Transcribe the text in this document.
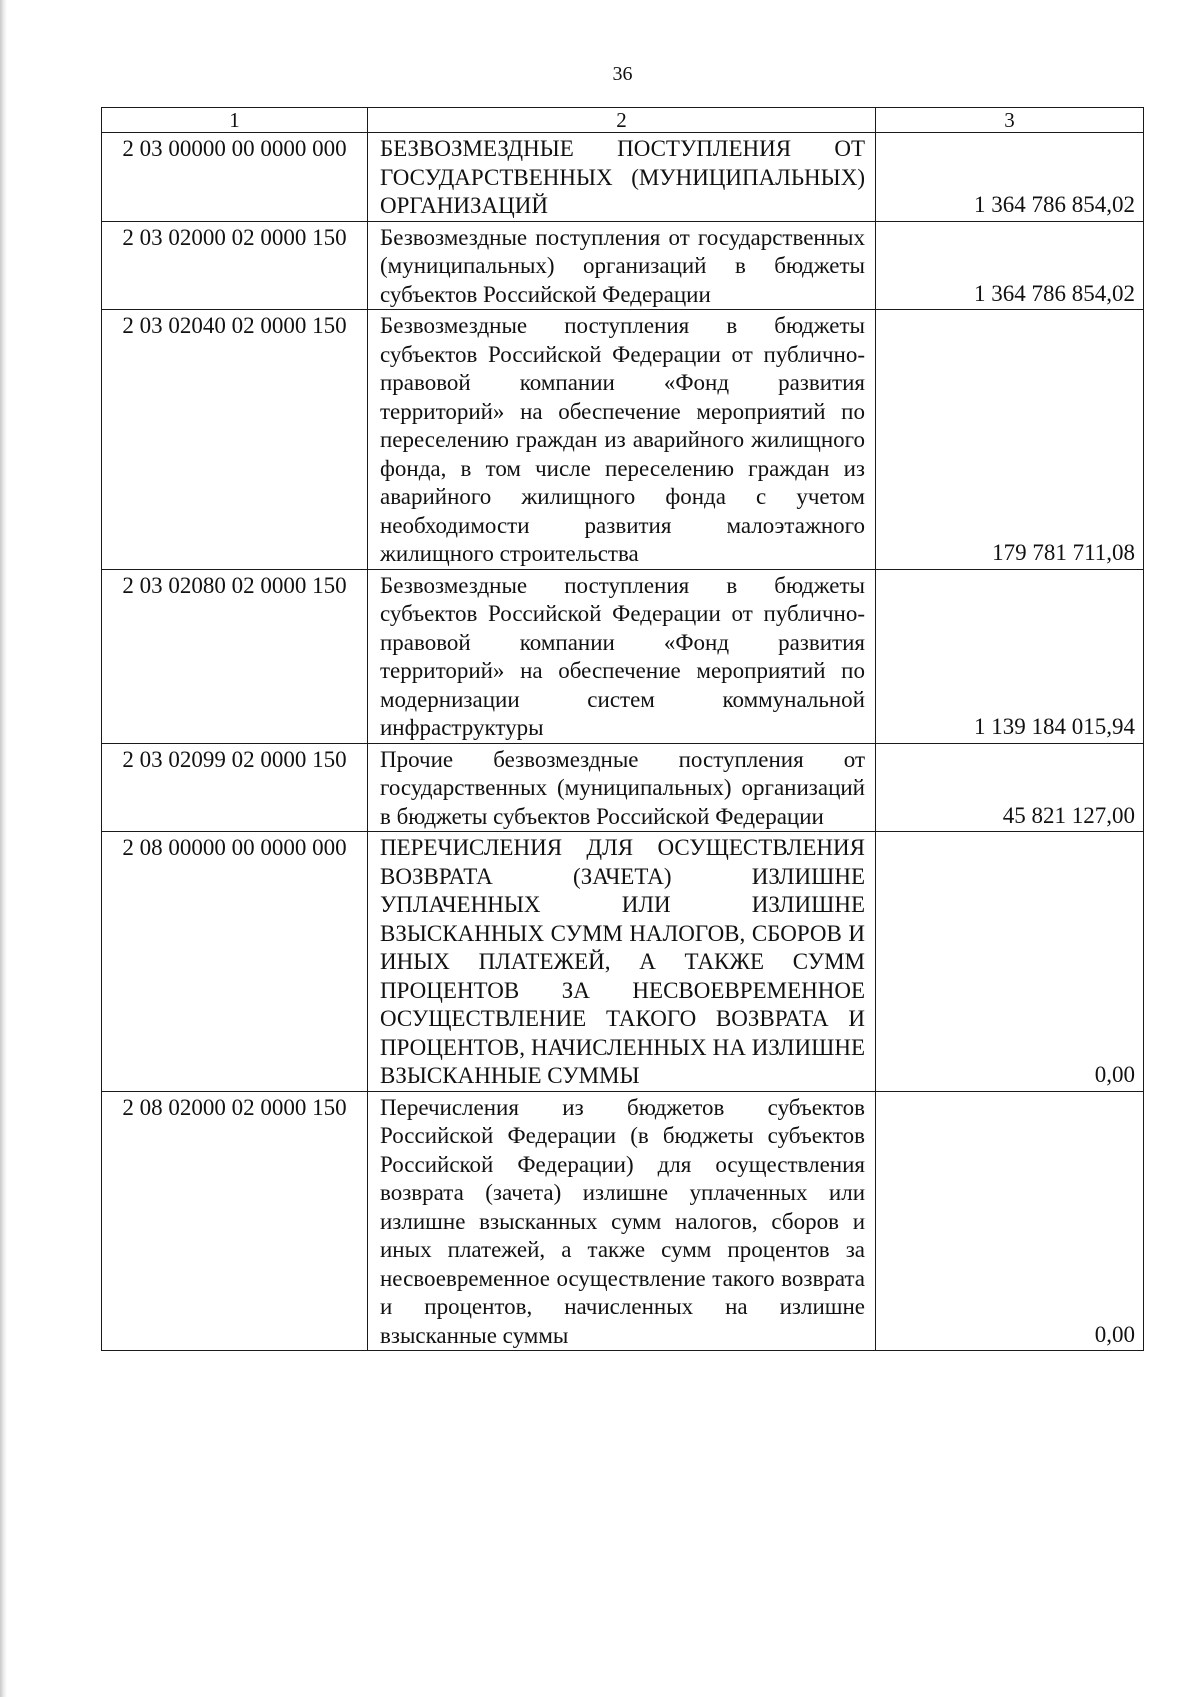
36
1	2	3
2 03 00000 00 0000 000	БЕЗВОЗМЕЗДНЫЕ ПОСТУПЛЕНИЯ ОТ ГОСУДАРСТВЕННЫХ (МУНИЦИПАЛЬНЫХ) ОРГАНИЗАЦИЙ	1 364 786 854,02
2 03 02000 02 0000 150	Безвозмездные поступления от государственных (муниципальных) организаций в бюджеты субъектов Российской Федерации	1 364 786 854,02
2 03 02040 02 0000 150	Безвозмездные поступления в бюджеты субъектов Российской Федерации от публично-правовой компании «Фонд развития территорий» на обеспечение мероприятий по переселению граждан из аварийного жилищного фонда, в том числе переселению граждан из аварийного жилищного фонда с учетом необходимости развития малоэтажного жилищного строительства	179 781 711,08
2 03 02080 02 0000 150	Безвозмездные поступления в бюджеты субъектов Российской Федерации от публично-правовой компании «Фонд развития территорий» на обеспечение мероприятий по модернизации систем коммунальной инфраструктуры	1 139 184 015,94
2 03 02099 02 0000 150	Прочие безвозмездные поступления от государственных (муниципальных) организаций в бюджеты субъектов Российской Федерации	45 821 127,00
2 08 00000 00 0000 000	ПЕРЕЧИСЛЕНИЯ ДЛЯ ОСУЩЕСТВЛЕНИЯ ВОЗВРАТА (ЗАЧЕТА) ИЗЛИШНЕ УПЛАЧЕННЫХ ИЛИ ИЗЛИШНЕ ВЗЫСКАННЫХ СУММ НАЛОГОВ, СБОРОВ И ИНЫХ ПЛАТЕЖЕЙ, А ТАКЖЕ СУММ ПРОЦЕНТОВ ЗА НЕСВОЕВРЕМЕННОЕ ОСУЩЕСТВЛЕНИЕ ТАКОГО ВОЗВРАТА И ПРОЦЕНТОВ, НАЧИСЛЕННЫХ НА ИЗЛИШНЕ ВЗЫСКАННЫЕ СУММЫ	0,00
2 08 02000 02 0000 150	Перечисления из бюджетов субъектов Российской Федерации (в бюджеты субъектов Российской Федерации) для осуществления возврата (зачета) излишне уплаченных или излишне взысканных сумм налогов, сборов и иных платежей, а также сумм процентов за несвоевременное осуществление такого возврата и процентов, начисленных на излишне взысканные суммы	0,00
